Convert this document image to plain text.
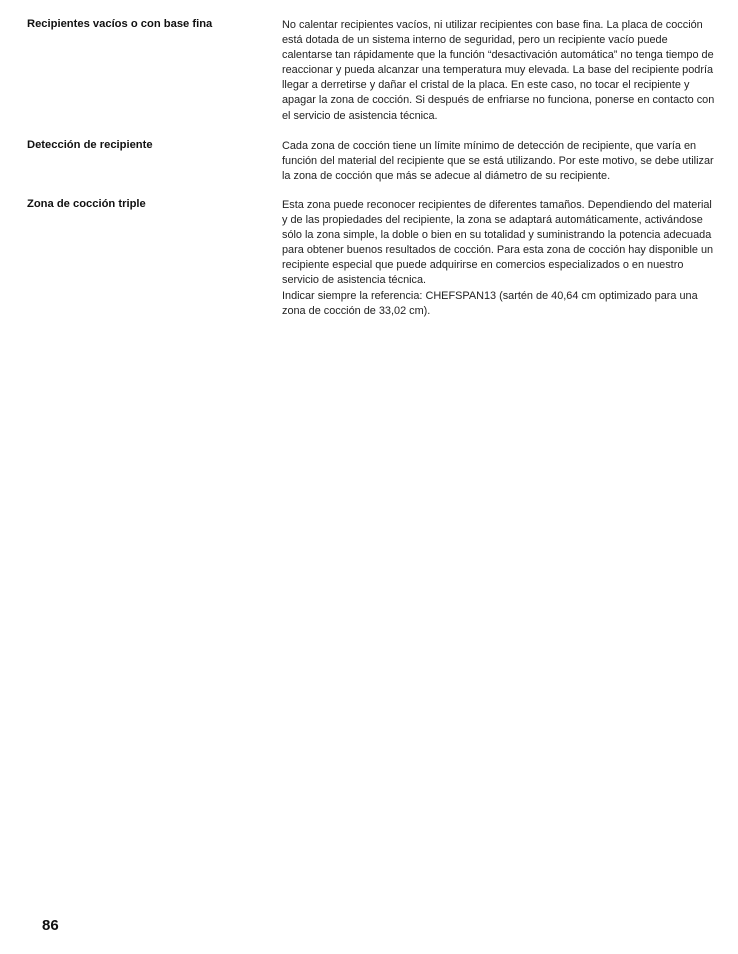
Recipientes vacíos o con base fina	No calentar recipientes vacíos, ni utilizar recipientes con base fina. La placa de cocción está dotada de un sistema interno de seguridad, pero un recipiente vacío puede calentarse tan rápidamente que la función “desactivación automática” no tenga tiempo de reaccionar y pueda alcanzar una temperatura muy elevada. La base del recipiente podría llegar a derretirse y dañar el cristal de la placa. En este caso, no tocar el recipiente y apagar la zona de cocción. Si después de enfriarse no funciona, ponerse en contacto con el servicio de asistencia técnica.

Detección de recipiente	Cada zona de cocción tiene un límite mínimo de detección de recipiente, que varía en función del material del recipiente que se está utilizando. Por este motivo, se debe utilizar la zona de cocción que más se adecue al diámetro de su recipiente.

Zona de cocción triple	Esta zona puede reconocer recipientes de diferentes tamaños. Dependiendo del material y de las propiedades del recipiente, la zona se adaptará automáticamente, activándose sólo la zona simple, la doble o bien en su totalidad y suministrando la potencia adecuada para obtener buenos resultados de cocción. Para esta zona de cocción hay disponible un recipiente especial que puede adquirirse en comercios especializados o en nuestro servicio de asistencia técnica.

Indicar siempre la referencia: CHEFSPAN13 (sartén de 40,64 cm optimizado para una zona de cocción de 33,02 cm).

86
